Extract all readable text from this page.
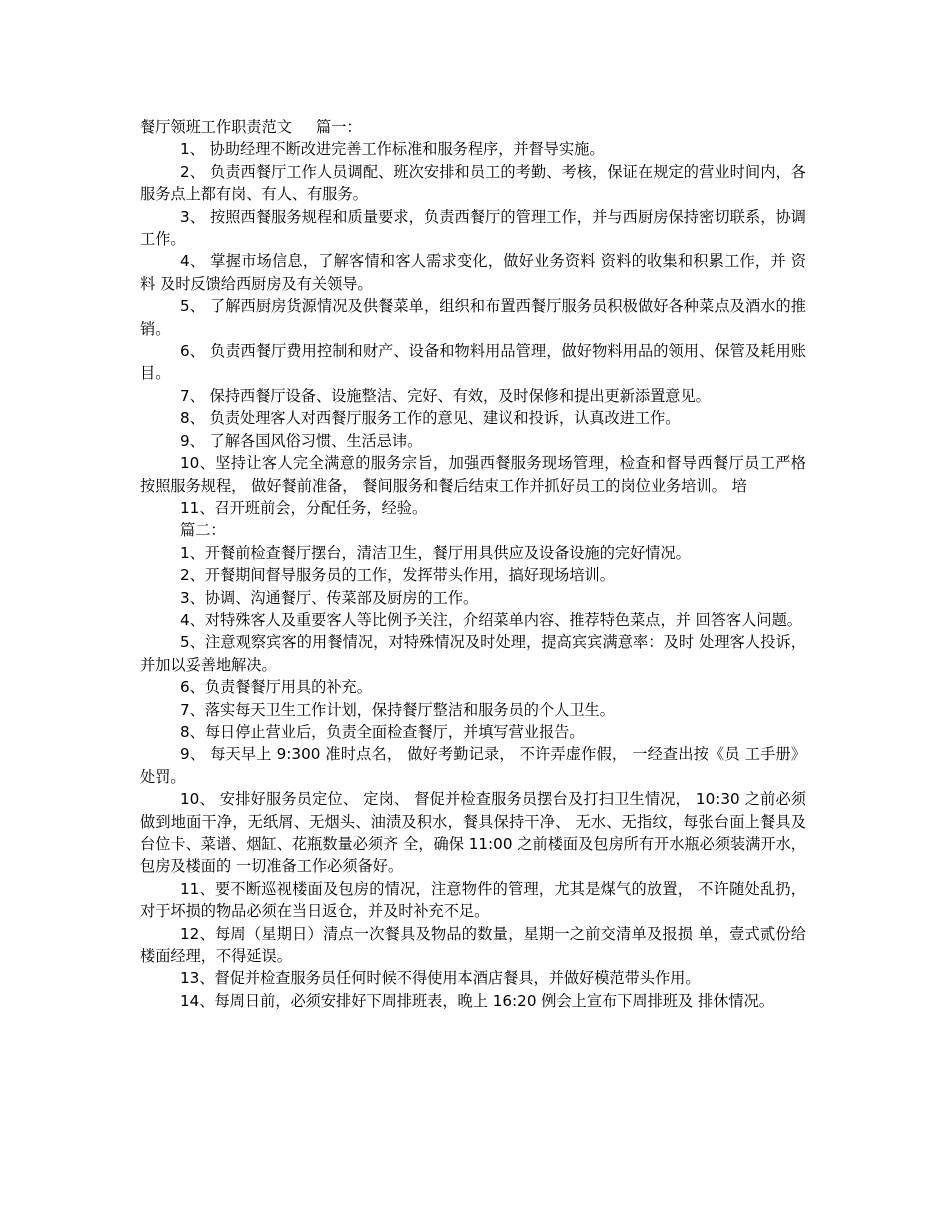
餐厅领班工作职责范文 篇一：

1、 协助经理不断改进完善工作标准和服务程序，并督导实施。

2、 负责西餐厅工作人员调配、班次安排和员工的考勤、考核，保证在规定的营业时间内，各服务点上都有岗、有人、有服务。

3、 按照西餐服务规程和质量要求，负责西餐厅的管理工作，并与西厨房保持密切联系，协调工作。

4、 掌握市场信息，了解客情和客人需求变化，做好业务资料 资料的收集和积累工作，并 资料 及时反馈给西厨房及有关领导。

5、 了解西厨房货源情况及供餐菜单，组织和布置西餐厅服务员积极做好各种菜点及酒水的推销。

6、 负责西餐厅费用控制和财产、设备和物料用品管理，做好物料用品的领用、保管及耗用账目。

7、 保持西餐厅设备、设施整洁、完好、有效，及时保修和提出更新添置意见。

8、 负责处理客人对西餐厅服务工作的意见、建议和投诉，认真改进工作。

9、 了解各国风俗习惯、生活忌讳。

10、坚持让客人完全满意的服务宗旨，加强西餐服务现场管理，检查和督导西餐厅员工严格按照服务规程， 做好餐前准备， 餐间服务和餐后结束工作并抓好员工的岗位业务培训。 培

11、召开班前会，分配任务，经验。

篇二：

1、开餐前检查餐厅摆台，清洁卫生，餐厅用具供应及设备设施的完好情况。

2、开餐期间督导服务员的工作，发挥带头作用，搞好现场培训。

3、协调、沟通餐厅、传菜部及厨房的工作。

4、对特殊客人及重要客人等比例予关注，介绍菜单内容、推荐特色菜点，并 回答客人问题。

5、注意观察宾客的用餐情况，对特殊情况及时处理，提高宾宾满意率：及时 处理客人投诉，并加以妥善地解决。

6、负责餐餐厅用具的补充。

7、落实每天卫生工作计划，保持餐厅整洁和服务员的个人卫生。

8、每日停止营业后，负责全面检查餐厅，并填写营业报告。

9、 每天早上 9:300 准时点名， 做好考勤记录， 不许弄虚作假， 一经查出按《员 工手册》处罚。

10、 安排好服务员定位、 定岗、 督促并检查服务员摆台及打扫卫生情况， 10:30 之前必须做到地面干净，无纸屑、无烟头、油渍及积水，餐具保持干净、 无水、无指纹，每张台面上餐具及台位卡、菜谱、烟缸、花瓶数量必须齐 全，确保 11:00 之前楼面及包房所有开水瓶必须装满开水，包房及楼面的 一切准备工作必须备好。

11、要不断巡视楼面及包房的情况，注意物件的管理，尤其是煤气的放置， 不许随处乱扔，对于坏损的物品必须在当日返仓，并及时补充不足。

12、每周（星期日）清点一次餐具及物品的数量，星期一之前交清单及报损 单，壹式贰份给楼面经理，不得延误。

13、督促并检查服务员任何时候不得使用本酒店餐具，并做好模范带头作用。

14、每周日前，必须安排好下周排班表，晚上 16:20 例会上宣布下周排班及 排休情况。
